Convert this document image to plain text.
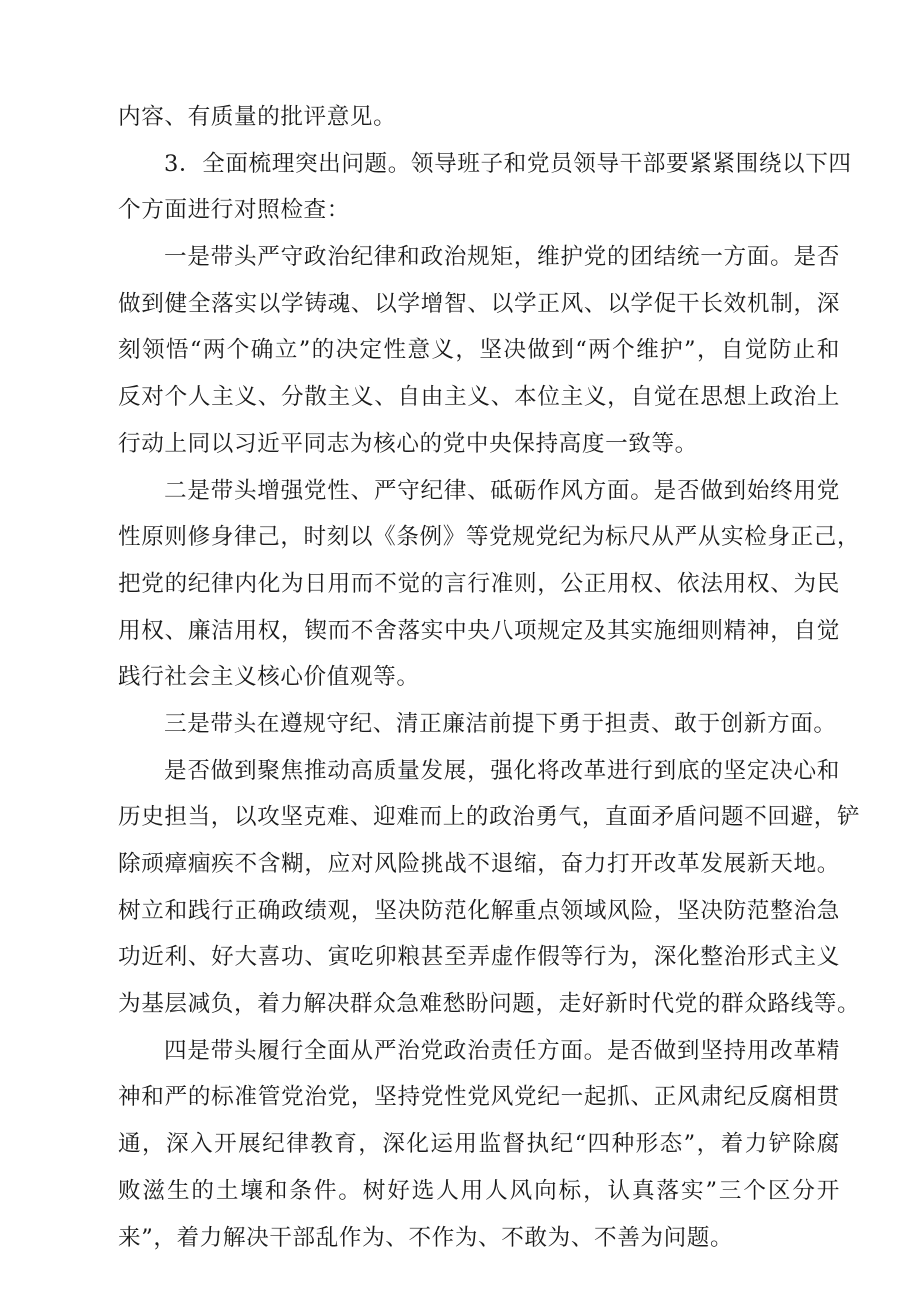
内容、有质量的批评意见。
3．全面梳理突出问题。领导班子和党员领导干部要紧紧围绕以下四
个方面进行对照检查：
一是带头严守政治纪律和政治规矩，维护党的团结统一方面。是否
做到健全落实以学铸魂、以学增智、以学正风、以学促干长效机制，深
刻领悟“两个确立”的决定性意义，坚决做到“两个维护”，自觉防止和
反对个人主义、分散主义、自由主义、本位主义，自觉在思想上政治上
行动上同以习近平同志为核心的党中央保持高度一致等。
二是带头增强党性、严守纪律、砥砺作风方面。是否做到始终用党
性原则修身律己，时刻以《条例》等党规党纪为标尺从严从实检身正己，
把党的纪律内化为日用而不觉的言行准则，公正用权、依法用权、为民
用权、廉洁用权，锲而不舍落实中央八项规定及其实施细则精神，自觉
践行社会主义核心价值观等。
三是带头在遵规守纪、清正廉洁前提下勇于担责、敢于创新方面。
是否做到聚焦推动高质量发展，强化将改革进行到底的坚定决心和
历史担当，以攻坚克难、迎难而上的政治勇气，直面矛盾问题不回避，铲
除顽瘴痼疾不含糊，应对风险挑战不退缩，奋力打开改革发展新天地。
树立和践行正确政绩观，坚决防范化解重点领域风险，坚决防范整治急
功近利、好大喜功、寅吃卯粮甚至弄虚作假等行为，深化整治形式主义
为基层减负，着力解决群众急难愁盼问题，走好新时代党的群众路线等。
四是带头履行全面从严治党政治责任方面。是否做到坚持用改革精
神和严的标准管党治党，坚持党性党风党纪一起抓、正风肃纪反腐相贯
通，深入开展纪律教育，深化运用监督执纪“四种形态”，着力铲除腐
败滋生的土壤和条件。树好选人用人风向标，认真落实”三个区分开
来”，着力解决干部乱作为、不作为、不敢为、不善为问题。
